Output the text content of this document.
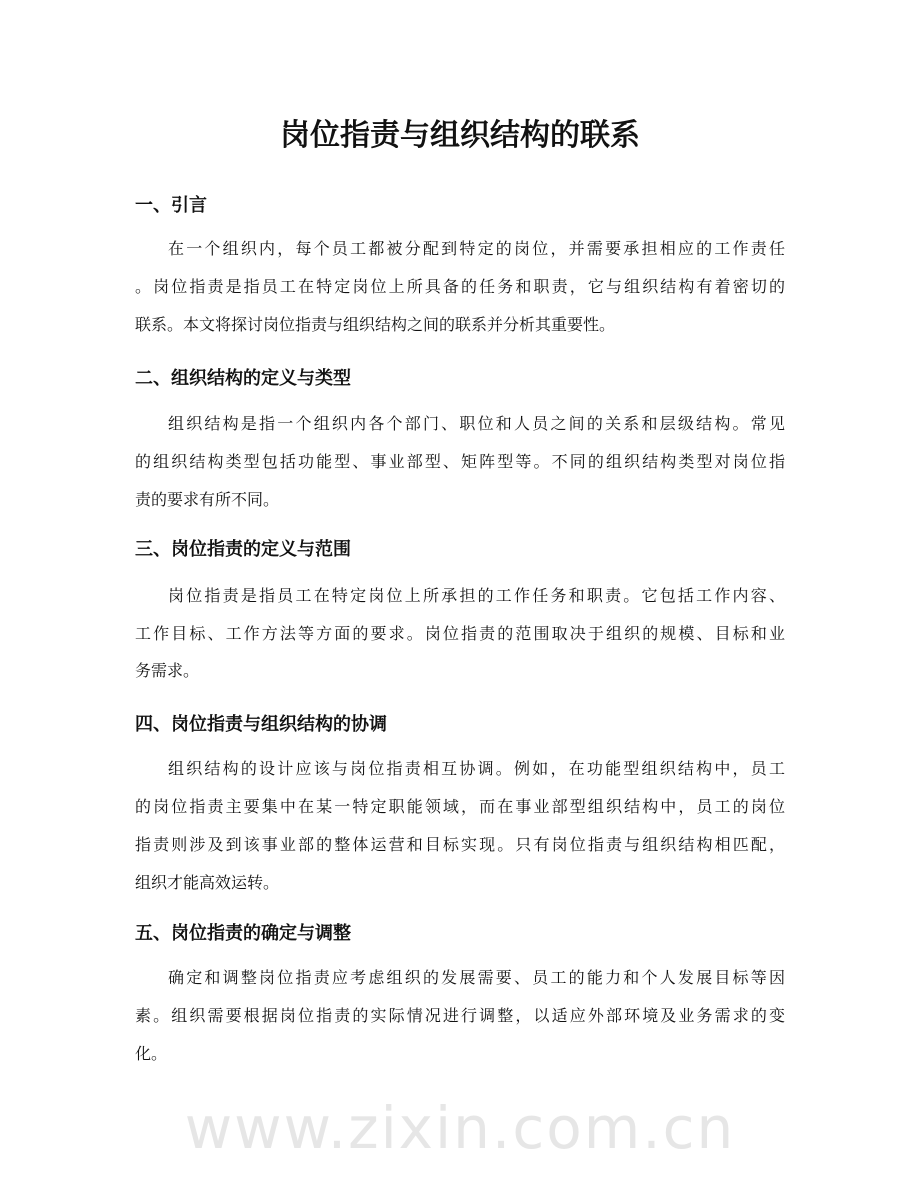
岗位指责与组织结构的联系
一、引言
在一个组织内，每个员工都被分配到特定的岗位，并需要承担相应的工作责任
。岗位指责是指员工在特定岗位上所具备的任务和职责，它与组织结构有着密切的
联系。本文将探讨岗位指责与组织结构之间的联系并分析其重要性。
二、组织结构的定义与类型
组织结构是指一个组织内各个部门、职位和人员之间的关系和层级结构。常见
的组织结构类型包括功能型、事业部型、矩阵型等。不同的组织结构类型对岗位指
责的要求有所不同。
三、岗位指责的定义与范围
岗位指责是指员工在特定岗位上所承担的工作任务和职责。它包括工作内容、
工作目标、工作方法等方面的要求。岗位指责的范围取决于组织的规模、目标和业
务需求。
四、岗位指责与组织结构的协调
组织结构的设计应该与岗位指责相互协调。例如，在功能型组织结构中，员工
的岗位指责主要集中在某一特定职能领域，而在事业部型组织结构中，员工的岗位
指责则涉及到该事业部的整体运营和目标实现。只有岗位指责与组织结构相匹配，
组织才能高效运转。
五、岗位指责的确定与调整
确定和调整岗位指责应考虑组织的发展需要、员工的能力和个人发展目标等因
素。组织需要根据岗位指责的实际情况进行调整，以适应外部环境及业务需求的变
化。
www.zixin.com.cn
